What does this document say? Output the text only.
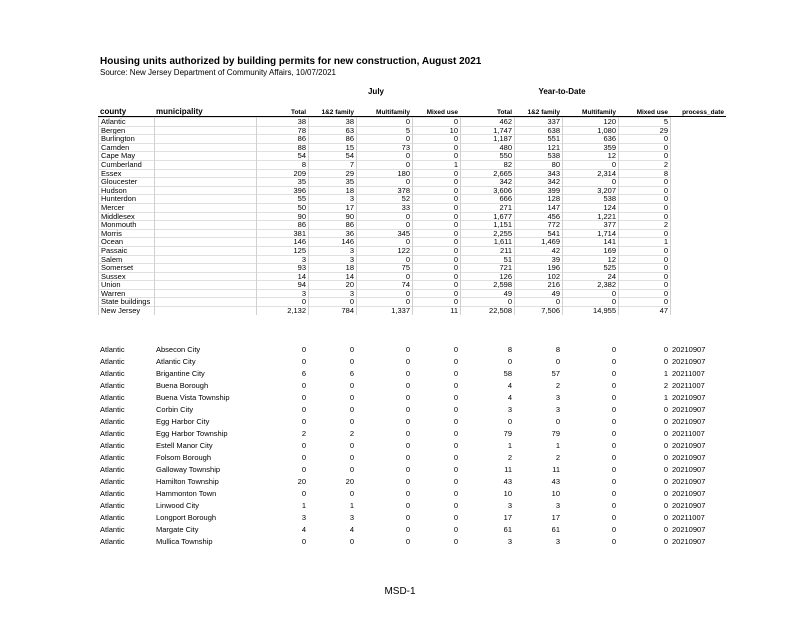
Housing units authorized by building permits for new construction, August 2021
Source: New Jersey Department of Community Affairs, 10/07/2021
July	Year-to-Date
county	municipality	Total	1&2 family	Multifamily	Mixed use	Total	1&2 family	Multifamily	Mixed use	process_date
Atlantic		38	38	0	0	462	337	120	5
Bergen		78	63	5	10	1,747	638	1,080	29
Burlington		86	86	0	0	1,187	551	636	0
Camden		88	15	73	0	480	121	359	0
Cape May		54	54	0	0	550	538	12	0
Cumberland		8	7	0	1	82	80	0	2
Essex		209	29	180	0	2,665	343	2,314	8
Gloucester		35	35	0	0	342	342	0	0
Hudson		396	18	378	0	3,606	399	3,207	0
Hunterdon		55	3	52	0	666	128	538	0
Mercer		50	17	33	0	271	147	124	0
Middlesex		90	90	0	0	1,677	456	1,221	0
Monmouth		86	86	0	0	1,151	772	377	2
Morris		381	36	345	0	2,255	541	1,714	0
Ocean		146	146	0	0	1,611	1,469	141	1
Passaic		125	3	122	0	211	42	169	0
Salem		3	3	0	0	51	39	12	0
Somerset		93	18	75	0	721	196	525	0
Sussex		14	14	0	0	126	102	24	0
Union		94	20	74	0	2,598	216	2,382	0
Warren		3	3	0	0	49	49	0	0
State buildings		0	0	0	0	0	0	0	0
New Jersey		2,132	784	1,337	11	22,508	7,506	14,955	47
Atlantic	Absecon City	0	0	0	0	8	8	0	0	20210907
Atlantic	Atlantic City	0	0	0	0	0	0	0	0	20210907
Atlantic	Brigantine City	6	6	0	0	58	57	0	1	20211007
Atlantic	Buena Borough	0	0	0	0	4	2	0	2	20211007
Atlantic	Buena Vista Township	0	0	0	0	4	3	0	1	20210907
Atlantic	Corbin City	0	0	0	0	3	3	0	0	20210907
Atlantic	Egg Harbor City	0	0	0	0	0	0	0	0	20210907
Atlantic	Egg Harbor Township	2	2	0	0	79	79	0	0	20211007
Atlantic	Estell Manor City	0	0	0	0	1	1	0	0	20210907
Atlantic	Folsom Borough	0	0	0	0	2	2	0	0	20210907
Atlantic	Galloway Township	0	0	0	0	11	11	0	0	20210907
Atlantic	Hamilton Township	20	20	0	0	43	43	0	0	20210907
Atlantic	Hammonton Town	0	0	0	0	10	10	0	0	20210907
Atlantic	Linwood City	1	1	0	0	3	3	0	0	20210907
Atlantic	Longport Borough	3	3	0	0	17	17	0	0	20211007
Atlantic	Margate City	4	4	0	0	61	61	0	0	20210907
Atlantic	Mullica Township	0	0	0	0	3	3	0	0	20210907
MSD-1
